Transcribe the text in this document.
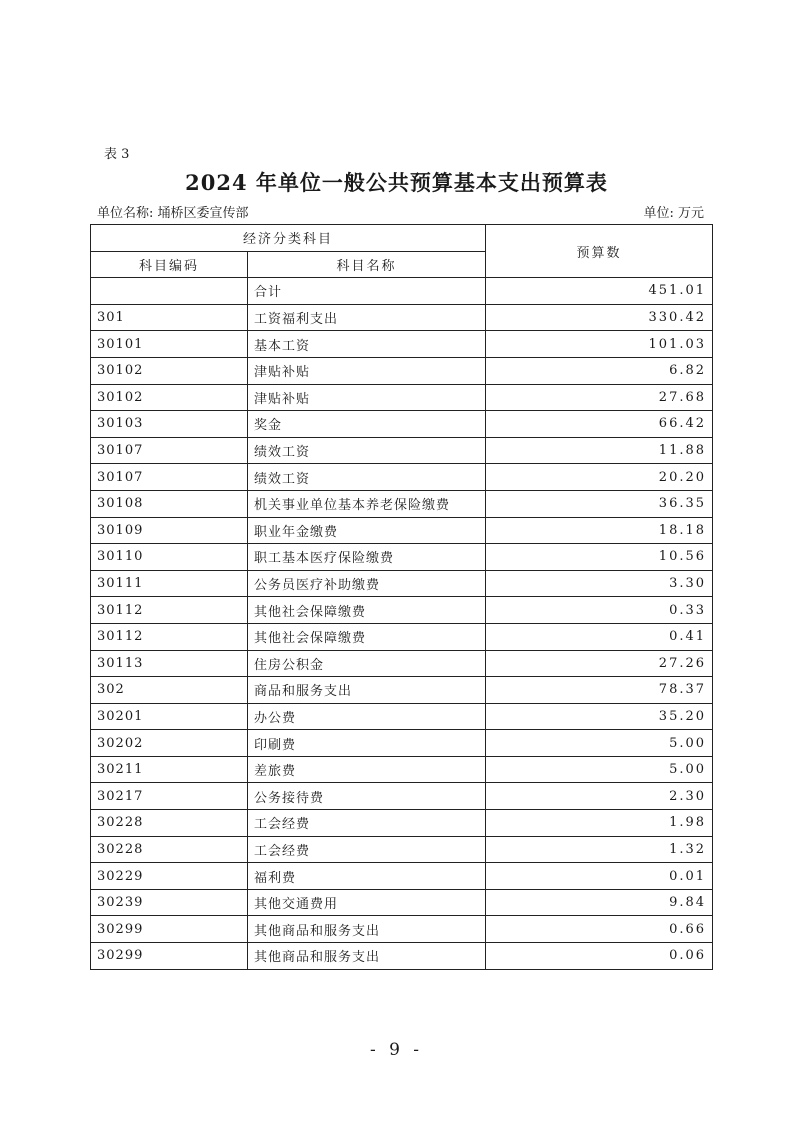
表 3
2024 年单位一般公共预算基本支出预算表
单位名称: 埇桥区委宣传部	单位: 万元
经济分类科目		预算数
科目编码	科目名称	
	合计	451.01
301	工资福利支出	330.42
30101	基本工资	101.03
30102	津贴补贴	6.82
30102	津贴补贴	27.68
30103	奖金	66.42
30107	绩效工资	11.88
30107	绩效工资	20.20
30108	机关事业单位基本养老保险缴费	36.35
30109	职业年金缴费	18.18
30110	职工基本医疗保险缴费	10.56
30111	公务员医疗补助缴费	3.30
30112	其他社会保障缴费	0.33
30112	其他社会保障缴费	0.41
30113	住房公积金	27.26
302	商品和服务支出	78.37
30201	办公费	35.20
30202	印刷费	5.00
30211	差旅费	5.00
30217	公务接待费	2.30
30228	工会经费	1.98
30228	工会经费	1.32
30229	福利费	0.01
30239	其他交通费用	9.84
30299	其他商品和服务支出	0.66
30299	其他商品和服务支出	0.06
- 9 -
